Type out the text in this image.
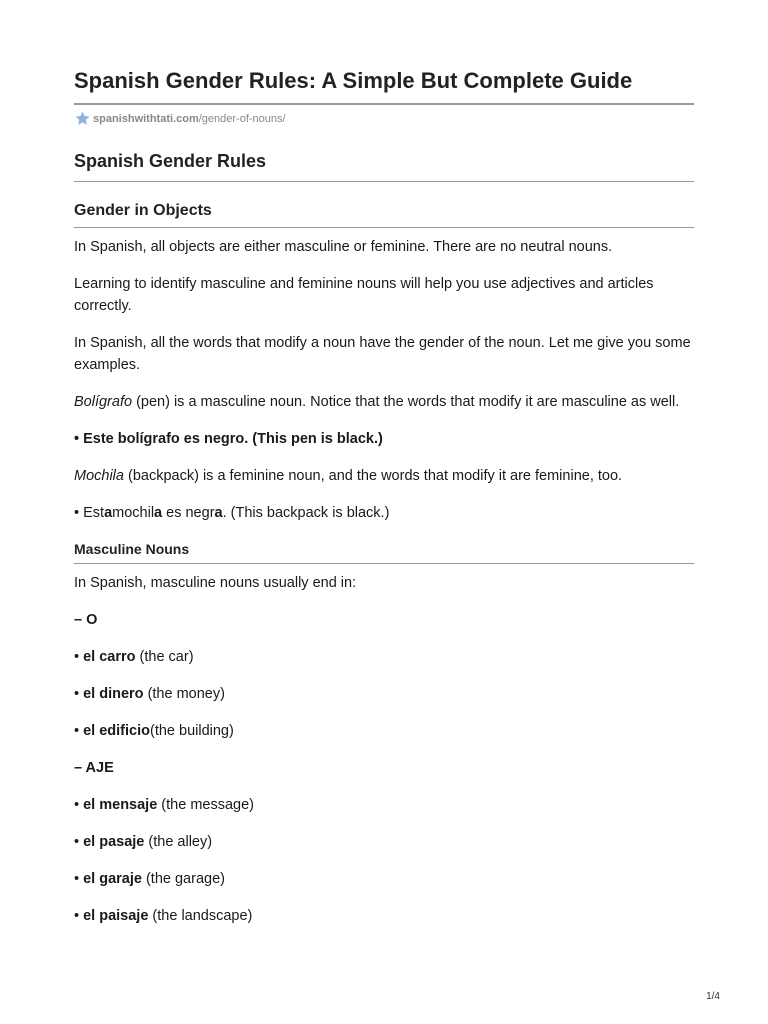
Spanish Gender Rules: A Simple But Complete Guide
spanishwithtati.com /gender-of-nouns/
Spanish Gender Rules
Gender in Objects

In Spanish, all objects are either masculine or feminine. There are no neutral nouns.

Learning to identify masculine and feminine nouns will help you use adjectives and articles correctly.

In Spanish, all the words that modify a noun have the gender of the noun. Let me give you some examples.

Bolígrafo (pen) is a masculine noun. Notice that the words that modify it are masculine as well.

• Este bolígrafo es negro. (This pen is black.)

Mochila (backpack) is a feminine noun, and the words that modify it are feminine, too.

• Estamochila es negra. (This backpack is black.)

Masculine Nouns

In Spanish, masculine nouns usually end in:

– O

• el carro (the car)

• el dinero (the money)

• el edificio(the building)

– AJE

• el mensaje (the message)

• el pasaje (the alley)

• el garaje (the garage)

• el paisaje (the landscape)

1/4
